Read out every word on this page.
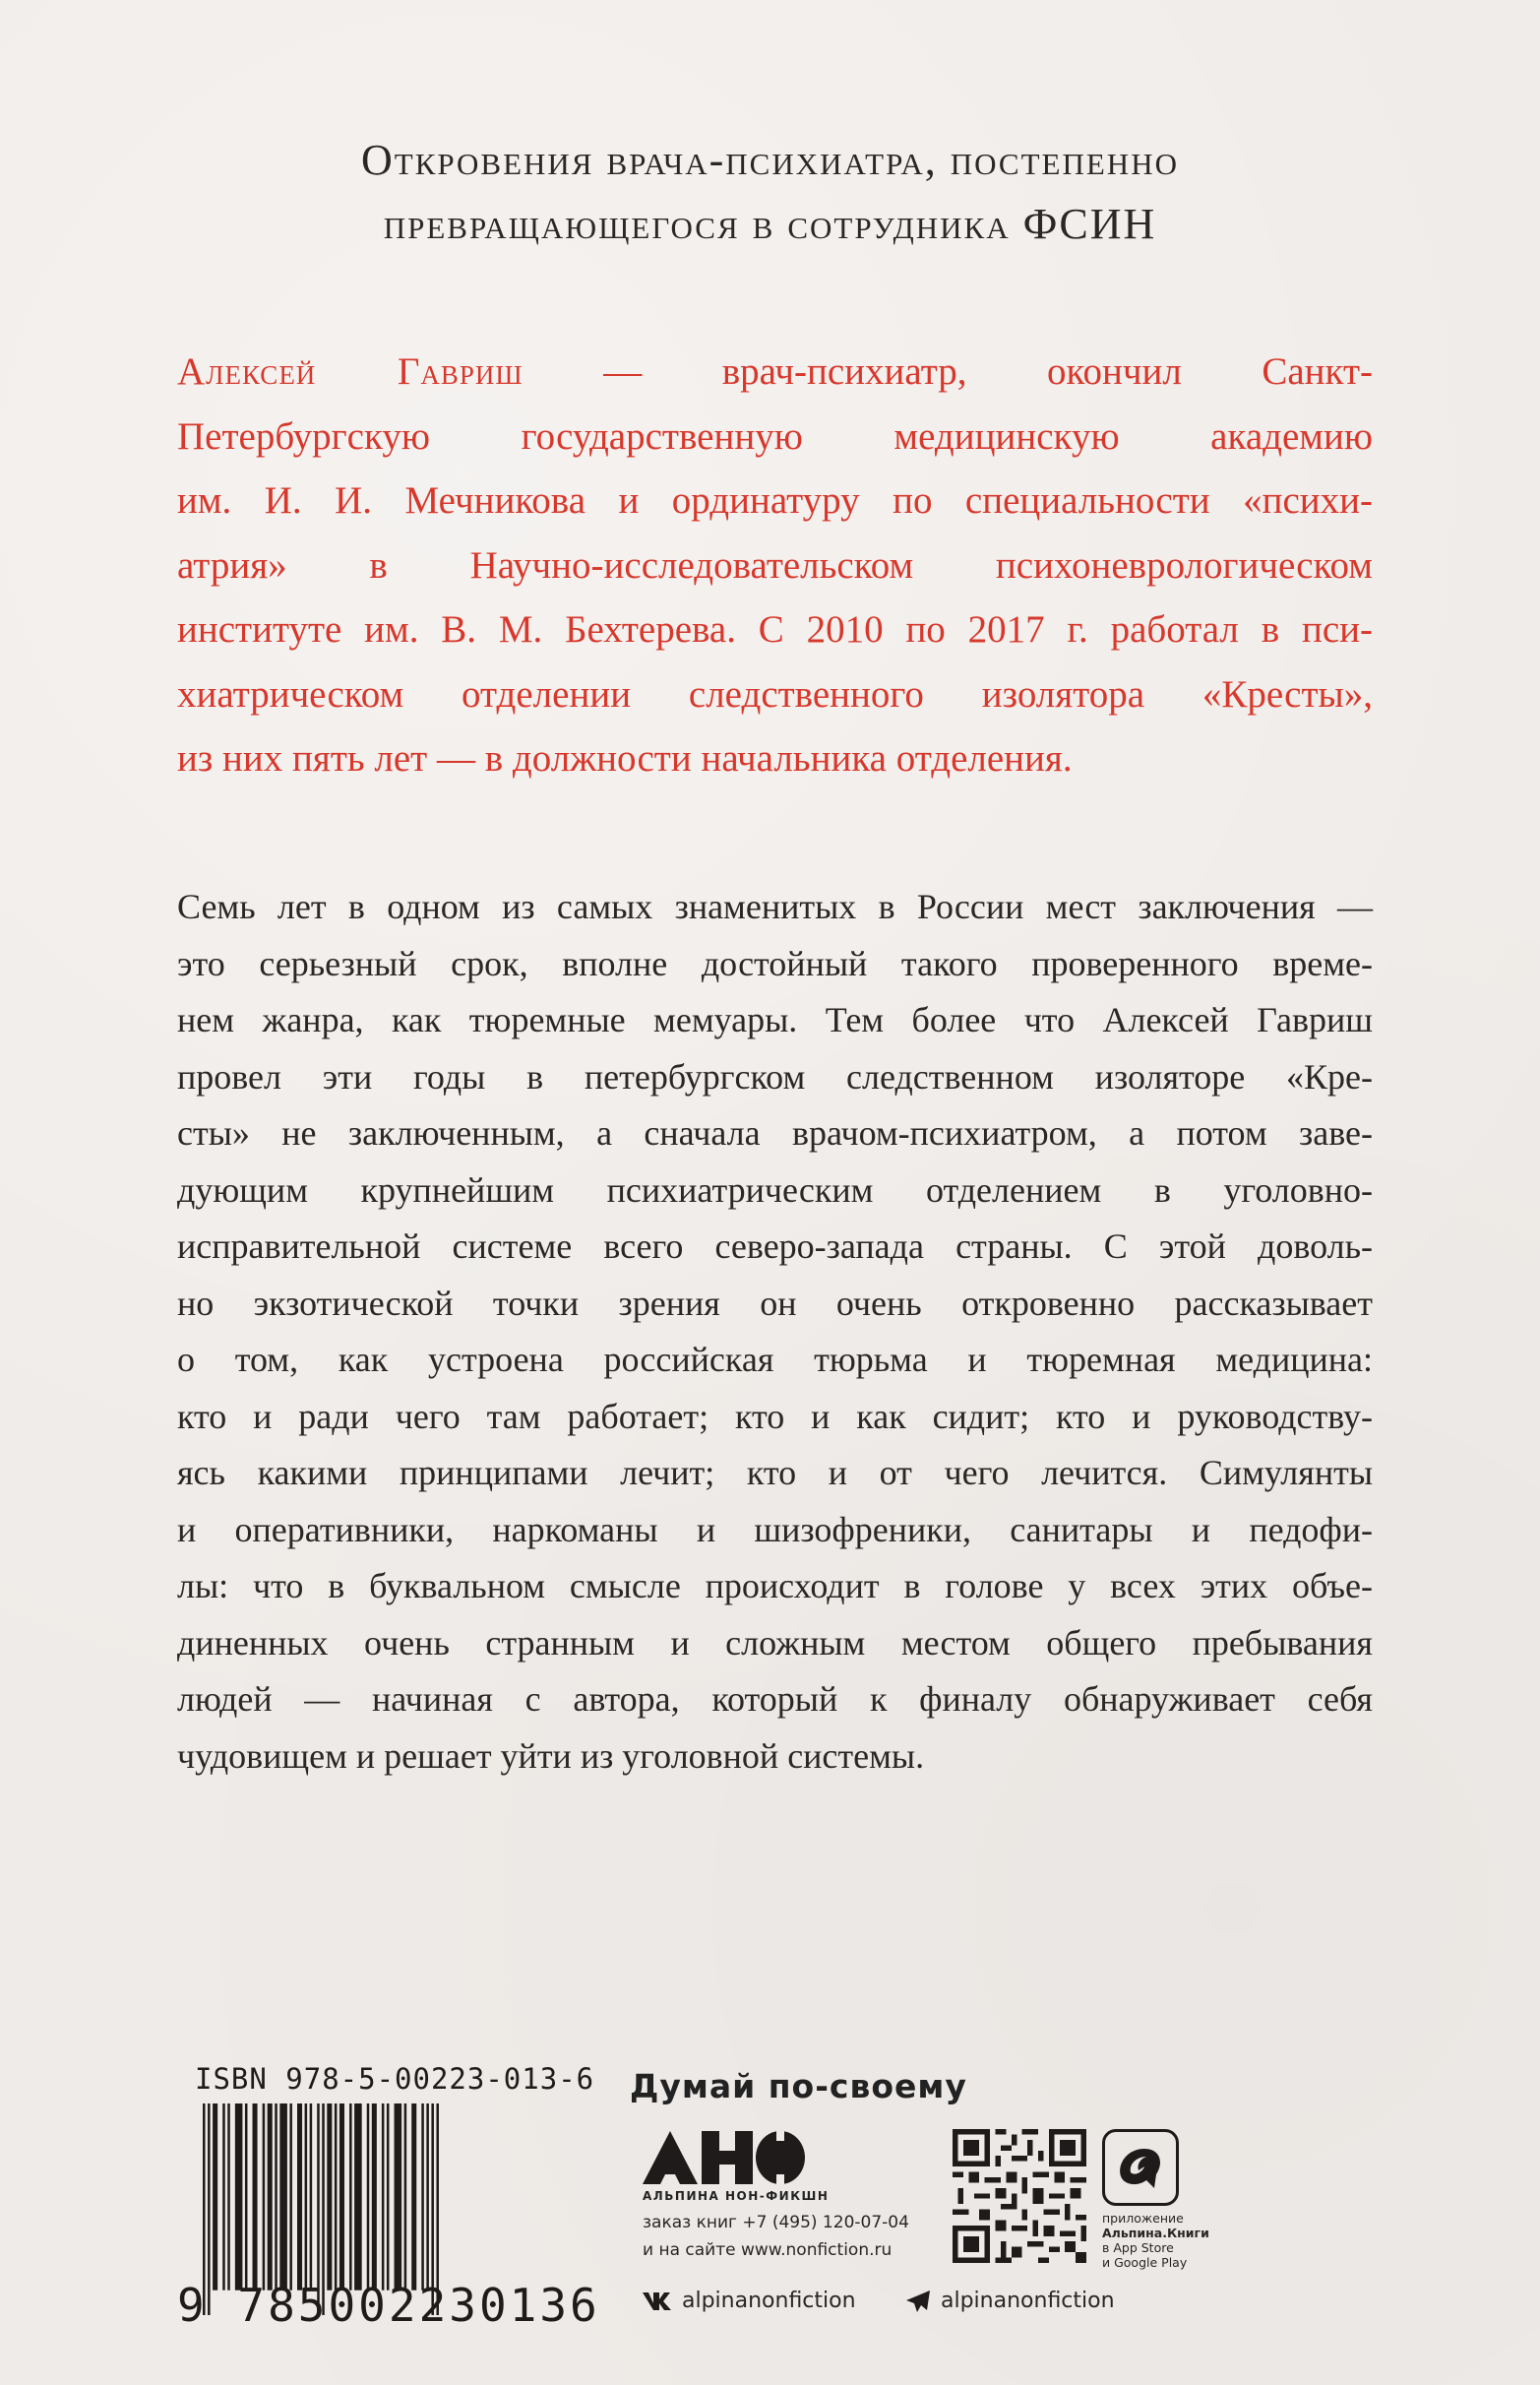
Откровения врача-психиатра, постепенно
превращающегося в сотрудника ФСИН
Алексей Гавриш — врач-психиатр, окончил Санкт-
Петербургскую государственную медицинскую академию
им. И. И. Мечникова и ординатуру по специальности «психи-
атрия» в Научно-исследовательском психоневрологическом
институте им. В. М. Бехтерева. С 2010 по 2017 г. работал в пси-
хиатрическом отделении следственного изолятора «Кресты»,
из них пять лет — в должности начальника отделения.
Семь лет в одном из самых знаменитых в России мест заключения —
это серьезный срок, вполне достойный такого проверенного време-
нем жанра, как тюремные мемуары. Тем более что Алексей Гавриш
провел эти годы в петербургском следственном изоляторе «Кре-
сты» не заключенным, а сначала врачом-психиатром, а потом заве-
дующим крупнейшим психиатрическим отделением в уголовно-
исправительной системе всего северо-запада страны. С этой доволь-
но экзотической точки зрения он очень откровенно рассказывает
о том, как устроена российская тюрьма и тюремная медицина:
кто и ради чего там работает; кто и как сидит; кто и руководству-
ясь какими принципами лечит; кто и от чего лечится. Симулянты
и оперативники, наркоманы и шизофреники, санитары и педофи-
лы: что в буквальном смысле происходит в голове у всех этих объе-
диненных очень странным и сложным местом общего пребывания
людей — начиная с автора, который к финалу обнаруживает себя
чудовищем и решает уйти из уголовной системы.
ISBN 978-5-00223-013-6
9 785002230136
Думай по-своему
АЛЬПИНА НОН-ФИКШН
заказ книг +7 (495) 120-07-04
и на сайте www.nonfiction.ru
alpinanonfiction	alpinanonfiction
приложение
Альпина.Книги
в App Store
и Google Play
